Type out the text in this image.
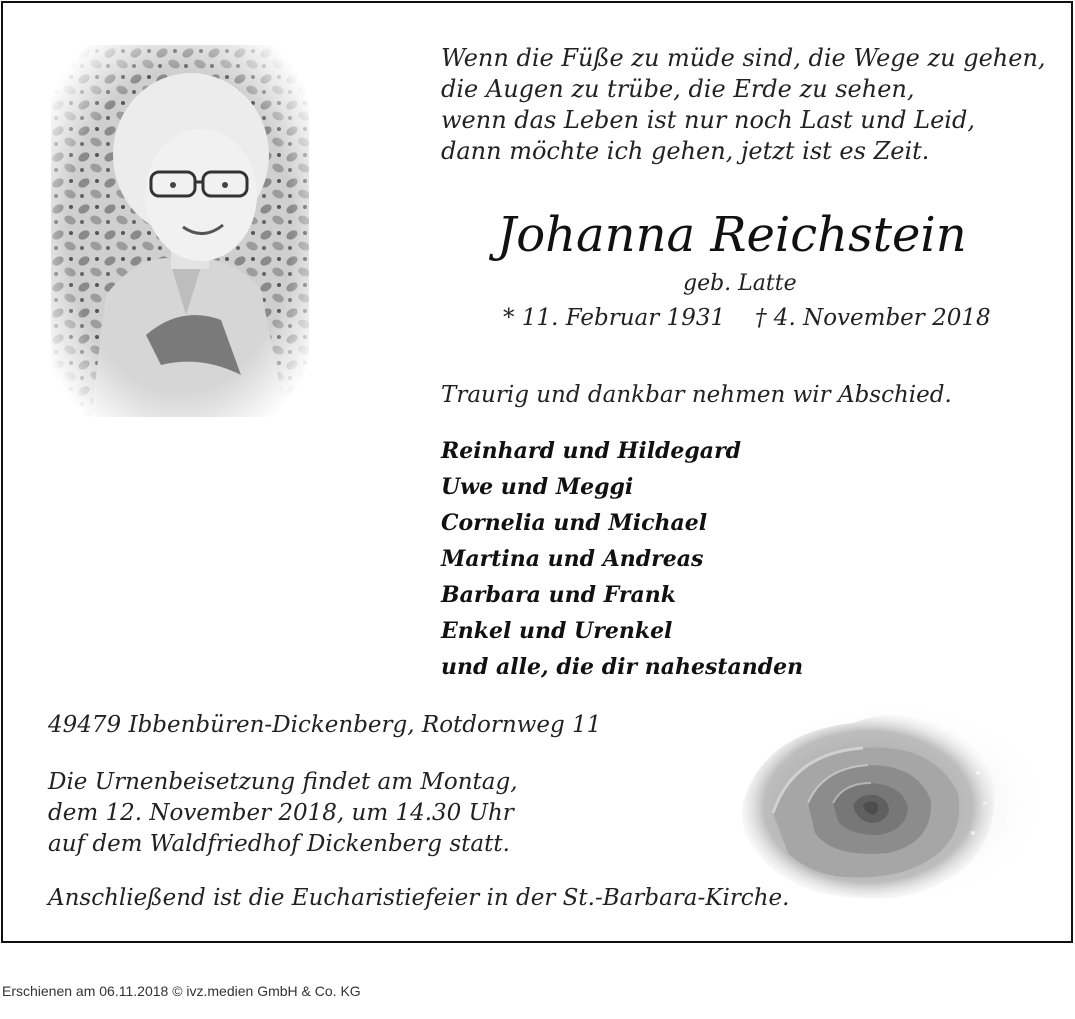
Wenn die Füße zu müde sind, die Wege zu gehen,
die Augen zu trübe, die Erde zu sehen,
wenn das Leben ist nur noch Last und Leid,
dann möchte ich gehen, jetzt ist es Zeit.
Johanna Reichstein
geb. Latte
* 11. Februar 1931 † 4. November 2018
Traurig und dankbar nehmen wir Abschied.
Reinhard und Hildegard
Uwe und Meggi
Cornelia und Michael
Martina und Andreas
Barbara und Frank
Enkel und Urenkel
und alle, die dir nahestanden
49479 Ibbenbüren-Dickenberg, Rotdornweg 11
Die Urnenbeisetzung findet am Montag,
dem 12. November 2018, um 14.30 Uhr
auf dem Waldfriedhof Dickenberg statt.
Anschließend ist die Eucharistiefeier in der St.-Barbara-Kirche.
Erschienen am 06.11.2018 © ivz.medien GmbH & Co. KG
